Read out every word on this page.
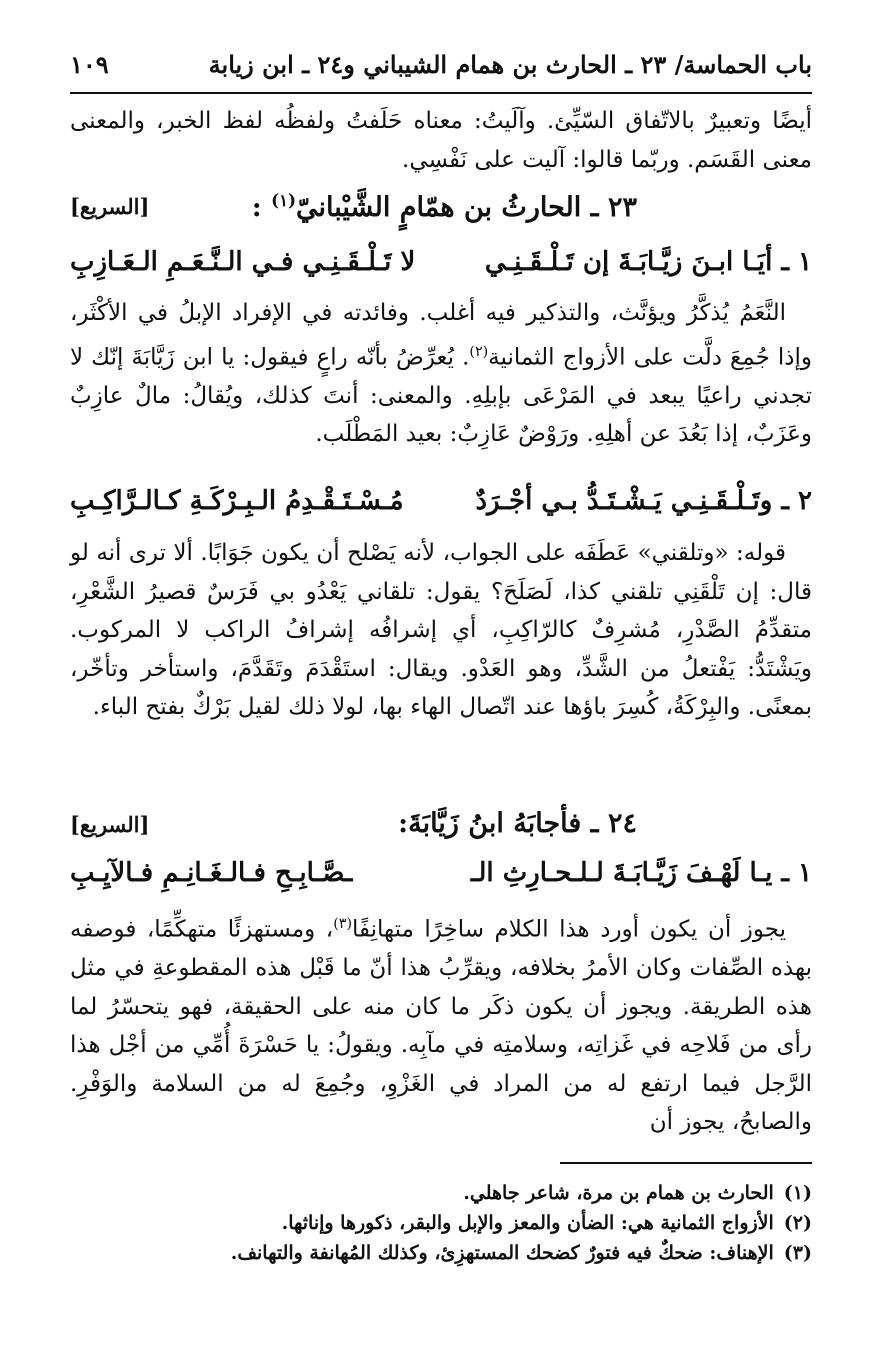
باب الحماسة/ ٢٣ ـ الحارث بن همام الشيباني و٢٤ ـ ابن زيابة
١٠٩
أيضًا وتعبيرٌ بالاتّفاق السّيِّئ. وآلَيتُ: معناه حَلَفتُ ولفظُه لفظ الخبر، والمعنى معنى القَسَم. وربّما قالوا: آليت على نَفْسِي.
٢٣ ـ الحارثُ بن همّامٍ الشَّيْبانيّ$^{(١)}$ :
[السريع]
١ ـ أيَـا ابـنَ زيَّـابَـةَ إن تَـلْـقَـنِـي
لا تَـلْـقَـنِـي فـي الـنَّـعَـمِ الـعَـازِبِ
النَّعَمُ يُذكَّرُ ويؤنَّث، والتذكير فيه أغلب. وفائدته في الإفراد الإبلُ في الأكْثَر، وإذا جُمِعَ دلَّت على الأزواج الثمانية$^{(٢)}$. يُعرِّضُ بأنّه راعٍ فيقول: يا ابن زَيَّابَةَ إنّك لا تجدني راعيًا يبعد في المَرْعَى بإبلِهِ. والمعنى: أنتَ كذلك، ويُقالُ: مالٌ عازِبٌ وعَزَبٌ، إذا بَعُدَ عن أهلِهِ. ورَوْضٌ عَازِبٌ: بعيد المَطْلَب.
٢ ـ وتَـلْـقَـنِـي يَـشْـتَـدُّ بـي أجْـرَدٌ
مُـسْـتَـقْـدِمُ الـبِـرْكَـةِ كـالـرَّاكِـبِ
قوله: «وتلقني» عَطَفَه على الجواب، لأنه يَصْلح أن يكون جَوَابًا. ألا ترى أنه لو قال: إن تَلْقَنِي تلقني كذا، لَصَلَحَ؟ يقول: تلقاني يَعْدُو بي فَرَسٌ قصيرُ الشَّعْرِ، متقدِّمُ الصَّدْرِ، مُشرِفٌ كالرّاكِبِ، أي إشرافُه إشرافُ الراكب لا المركوب. ويَشْتَدُّ: يَفْتعلُ من الشَّدِّ، وهو العَدْو. ويقال: استَقْدَمَ وتَقَدَّمَ، واستأخر وتأخّر، بمعنًى. والبِرْكَةُ، كُسِرَ باؤها عند اتّصال الهاء بها، لولا ذلك لقيل بَرْكٌ بفتح الباء.
٢٤ ـ فأجابَهُ ابنُ زَيَّابَةَ:
[السريع]
١ ـ يـا لَهْـفَ زَيَّـابَـةَ لـلـحـارِثِ الـ
ـصَّـابِـحِ فـالـغَـانِـمِ فـالآيِـبِ
يجوز أن يكون أورد هذا الكلام ساخِرًا متهانِفًا$^{(٣)}$، ومستهزئًا متهكِّمًا، فوصفه بهذه الصِّفات وكان الأمرُ بخلافه، ويقرِّبُ هذا أنّ ما قَبْل هذه المقطوعةِ في مثل هذه الطريقة. ويجوز أن يكون ذكَر ما كان منه على الحقيقة، فهو يتحسّرُ لما رأى من فَلاحِه في غَزاتِه، وسلامتِه في مآبِه. ويقولُ: يا حَسْرَةَ أُمِّي من أجْل هذا الرَّجل فيما ارتفع له من المراد في الغَزْوِ، وجُمِعَ له من السلامة والوَفْرِ. والصابحُ، يجوز أن
(١)الحارث بن همام بن مرة، شاعر جاهلي.
(٢)الأزواج الثمانية هي: الضأن والمعز والإبل والبقر، ذكورها وإناثها.
(٣)الإهناف: ضحكٌ فيه فتورٌ كضحك المستهزِئ، وكذلك المُهانفة والتهانف.
